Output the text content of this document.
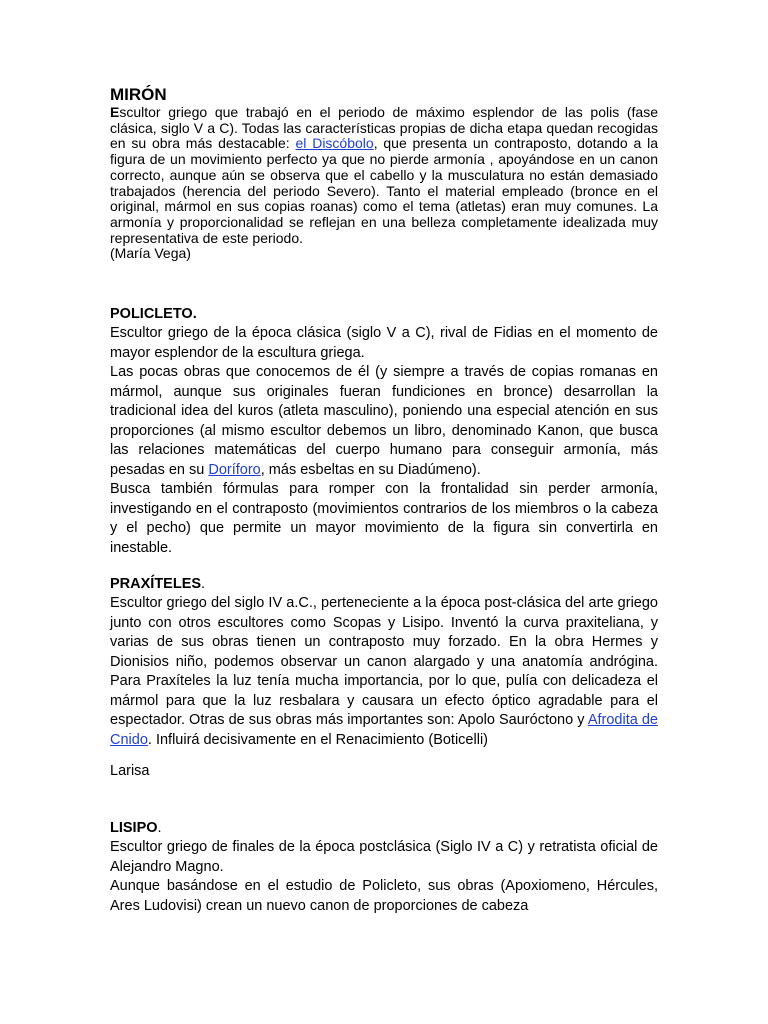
MIRÓN

Escultor griego que trabajó en el periodo de máximo esplendor de las polis (fase clásica, siglo V a C). Todas las características propias de dicha etapa quedan recogidas en su obra más destacable: el Discóbolo, que presenta un contraposto, dotando a la figura de un movimiento perfecto ya que no pierde armonía , apoyándose en un canon correcto, aunque aún se observa que el cabello y la musculatura no están demasiado trabajados (herencia del periodo Severo). Tanto el material empleado (bronce en el original, mármol en sus copias roanas) como el tema (atletas) eran muy comunes. La armonía y proporcionalidad se reflejan en una belleza completamente idealizada muy representativa de este periodo.

(María Vega)

POLICLETO.

Escultor griego de la época clásica (siglo V a C), rival de Fidias en el momento de mayor esplendor de la escultura griega.

Las pocas obras que conocemos de él (y siempre a través de copias romanas en mármol, aunque sus originales fueran fundiciones en bronce) desarrollan la tradicional idea del kuros (atleta masculino), poniendo una especial atención en sus proporciones (al mismo escultor debemos un libro, denominado Kanon, que busca las relaciones matemáticas del cuerpo humano para conseguir armonía, más pesadas en su Doríforo, más esbeltas en su Diadúmeno).

Busca también fórmulas para romper con la frontalidad sin perder armonía, investigando en el contraposto (movimientos contrarios de los miembros o la cabeza y el pecho) que permite un mayor movimiento de la figura sin convertirla en inestable.

PRAXÍTELES.

Escultor griego del siglo IV a.C., perteneciente a la época post-clásica del arte griego junto con otros escultores como Scopas y Lisipo. Inventó la curva praxiteliana, y varias de sus obras tienen un contraposto muy forzado. En la obra Hermes y Dionisios niño, podemos observar un canon alargado y una anatomía andrógina. Para Praxíteles la luz tenía mucha importancia, por lo que, pulía con delicadeza el mármol para que la luz resbalara y causara un efecto óptico agradable para el espectador. Otras de sus obras más importantes son: Apolo Sauróctono y Afrodita de Cnido. Influirá decisivamente en el Renacimiento (Boticelli)

Larisa

LISIPO.

Escultor griego de finales de la época postclásica (Siglo IV a C) y retratista oficial de Alejandro Magno.

Aunque basándose en el estudio de Policleto, sus obras (Apoxiomeno, Hércules, Ares Ludovisi) crean un nuevo canon de proporciones de cabeza
